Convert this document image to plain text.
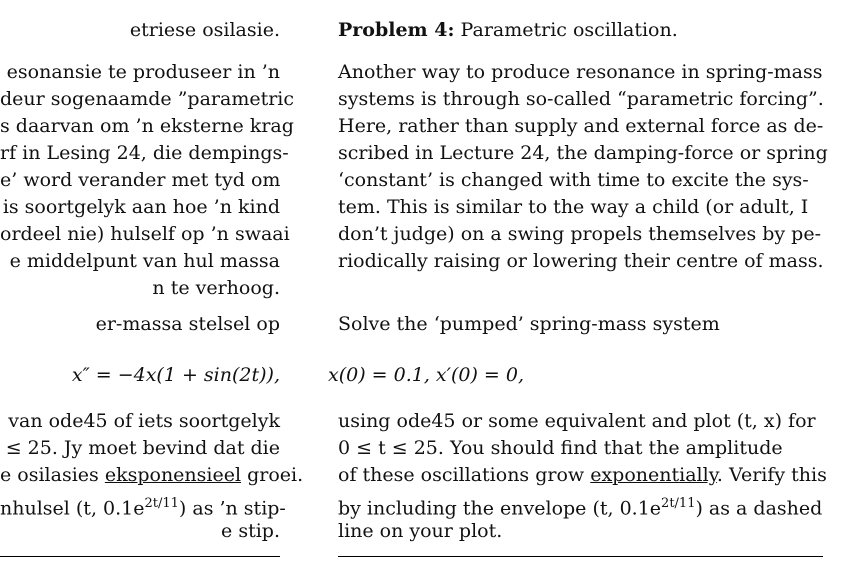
etriese osilasie.
esonansie te produseer in ’n
deur sogenaamde ”parametric
s daarvan om ’n eksterne krag
rf in Lesing 24, die dempings-
e’ word verander met tyd om
is soortgelyk aan hoe ’n kind
ordeel nie) hulself op ’n swaai
e middelpunt van hul massa
n te verhoog.
er-massa stelsel op
x″ = −4x(1 + sin(2t)),
van ode45 of iets soortgelyk
≤ 25. Jy moet bevind dat die
e osilasies eksponensieel groei.
nhulsel (t, $0.1e^{2t/11}$) as ’n stip-
e stip.
Problem 4: Parametric oscillation.
Another way to produce resonance in spring-mass
systems is through so-called “parametric forcing”.
Here, rather than supply and external force as de-
scribed in Lecture 24, the damping-force or spring
‘constant’ is changed with time to excite the sys-
tem. This is similar to the way a child (or adult, I
don’t judge) on a swing propels themselves by pe-
riodically raising or lowering their centre of mass.
Solve the ‘pumped’ spring-mass system
x(0) = 0.1, x′(0) = 0,
using ode45 or some equivalent and plot (t, x) for
0 ≤ t ≤ 25. You should find that the amplitude
of these oscillations grow exponentially. Verify this
by including the envelope (t, $0.1e^{2t/11}$) as a dashed
line on your plot.
